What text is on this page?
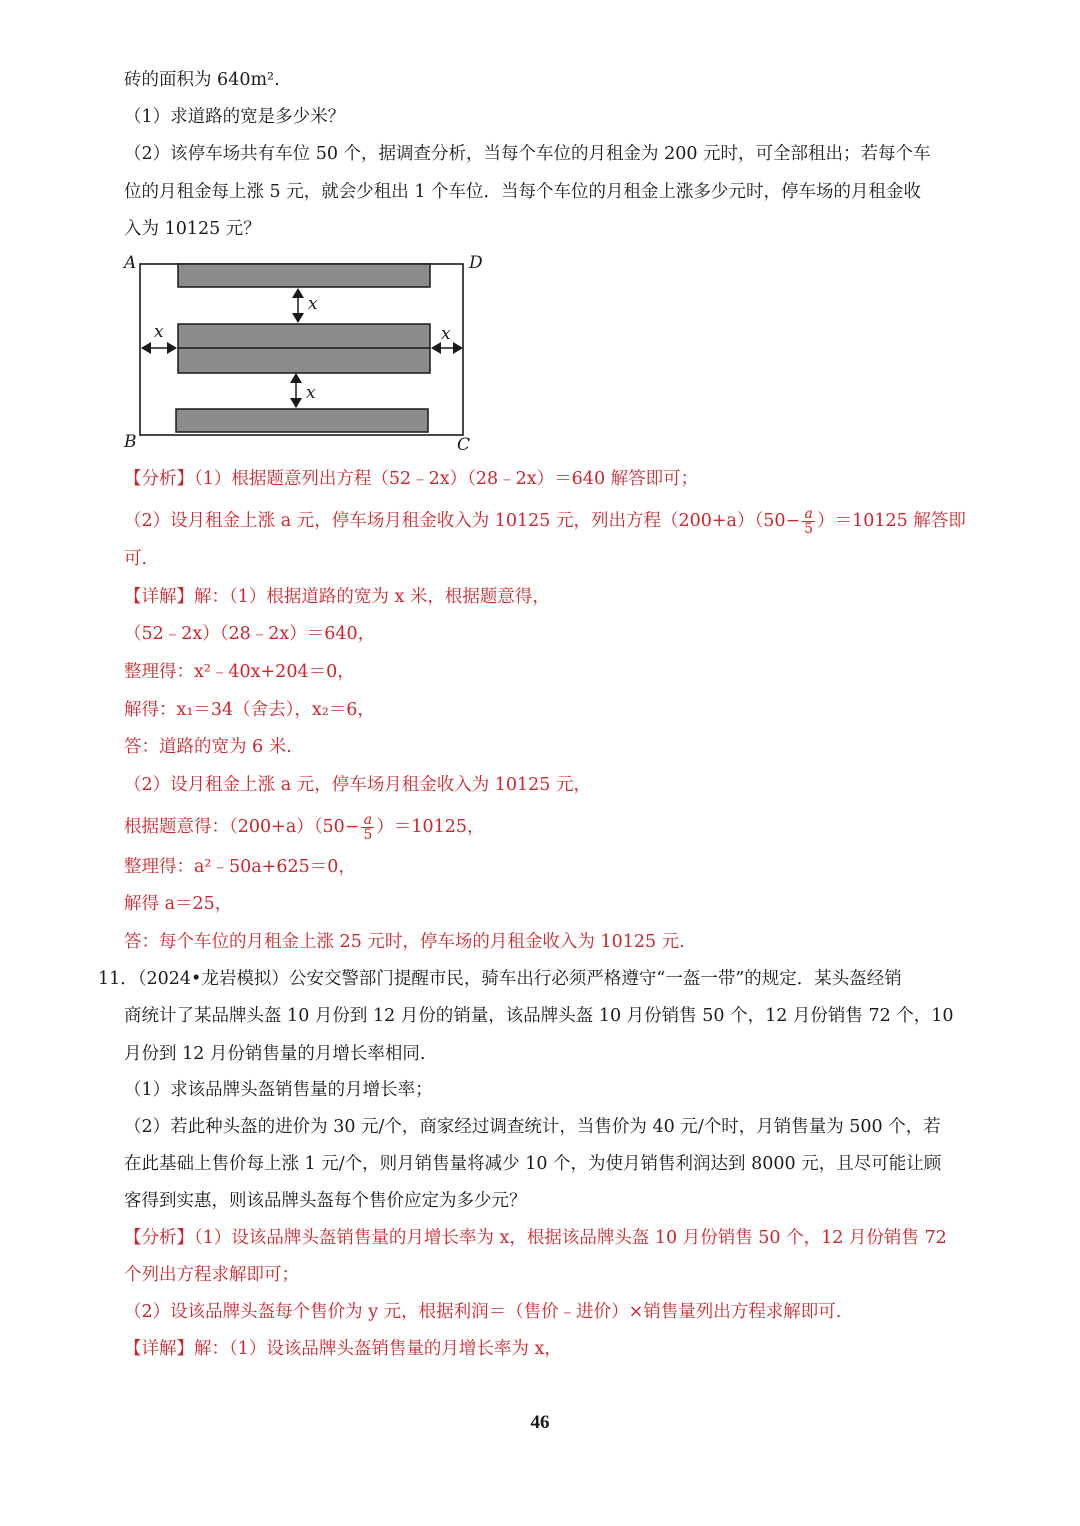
砖的面积为 640m².
（1）求道路的宽是多少米？
（2）该停车场共有车位 50 个，据调查分析，当每个车位的月租金为 200 元时，可全部租出；若每个车
位的月租金每上涨 5 元，就会少租出 1 个车位．当每个车位的月租金上涨多少元时，停车场的月租金收
入为 10125 元？
A	D
B	C
x
x
x	x
【分析】（1）根据题意列出方程（52﹣2x）（28﹣2x）＝640 解答即可；
（2）设月租金上涨 a 元，停车场月租金收入为 10125 元，列出方程$(200+a)(50- \frac{a}{5} )=10125$ 解答即
可.
【详解】解：（1）根据道路的宽为 x 米，根据题意得，
（52﹣2x）（28﹣2x）＝640，
整理得：x²﹣40x+204＝0，
解得：x₁＝34（舍去），x₂＝6，
答：道路的宽为 6 米.
（2）设月租金上涨 a 元，停车场月租金收入为 10125 元，
根据题意得：$(200+a)(50- \frac{a}{5} )=10125$，
整理得：a²﹣50a+625＝0，
解得 a＝25，
答：每个车位的月租金上涨 25 元时，停车场的月租金收入为 10125 元.
11．（2024•龙岩模拟）公安交警部门提醒市民，骑车出行必须严格遵守“一盔一带”的规定．某头盔经销
商统计了某品牌头盔 10 月份到 12 月份的销量，该品牌头盔 10 月份销售 50 个，12 月份销售 72 个，10
月份到 12 月份销售量的月增长率相同.
（1）求该品牌头盔销售量的月增长率；
（2）若此种头盔的进价为 30 元/个，商家经过调查统计，当售价为 40 元/个时，月销售量为 500 个，若
在此基础上售价每上涨 1 元/个，则月销售量将减少 10 个，为使月销售利润达到 8000 元，且尽可能让顾
客得到实惠，则该品牌头盔每个售价应定为多少元？
【分析】（1）设该品牌头盔销售量的月增长率为 x，根据该品牌头盔 10 月份销售 50 个，12 月份销售 72
个列出方程求解即可；
（2）设该品牌头盔每个售价为 y 元，根据利润＝（售价﹣进价）×销售量列出方程求解即可.
【详解】解：（1）设该品牌头盔销售量的月增长率为 x，
46
